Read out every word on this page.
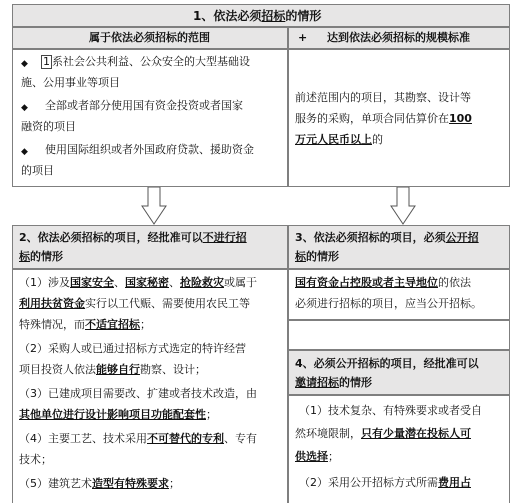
1、依法必须招标的情形
属于依法必须招标的范围	+ 达到依法必须招标的规模标准
◆ 1 系社会公共利益、公众安全的大型基础设
施、公用事业等项目
◆ 全部或者部分使用国有资金投资或者国家
融资的项目
◆ 使用国际组织或者外国政府贷款、援助资金
的项目
前述范围内的项目，其勘察、设计等
服务的采购，单项合同估算价在100
万元人民币以上的
2、依法必须招标的项目，经批准可以不进行招
标的情形
（1）涉及国家安全、国家秘密、抢险救灾或属于
利用扶贫资金实行以工代赈、需要使用农民工等
特殊情况，而不适宜招标；
（2）采购人或已通过招标方式选定的特许经营
项目投资人依法能够自行勘察、设计；
（3）已建成项目需要改、扩建或者技术改造，由
其他单位进行设计影响项目功能配套性；
（4）主要工艺、技术采用不可替代的专利、专有
技术；
（5）建筑艺术造型有特殊要求；
3、依法必须招标的项目，必须公开招
标的情形
国有资金占控股或者主导地位的依法
必须进行招标的项目，应当公开招标。
4、必须公开招标的项目，经批准可以
邀请招标的情形
（1）技术复杂、有特殊要求或者受自
然环境限制，只有少量潜在投标人可
供选择；
（2）采用公开招标方式所需费用占
